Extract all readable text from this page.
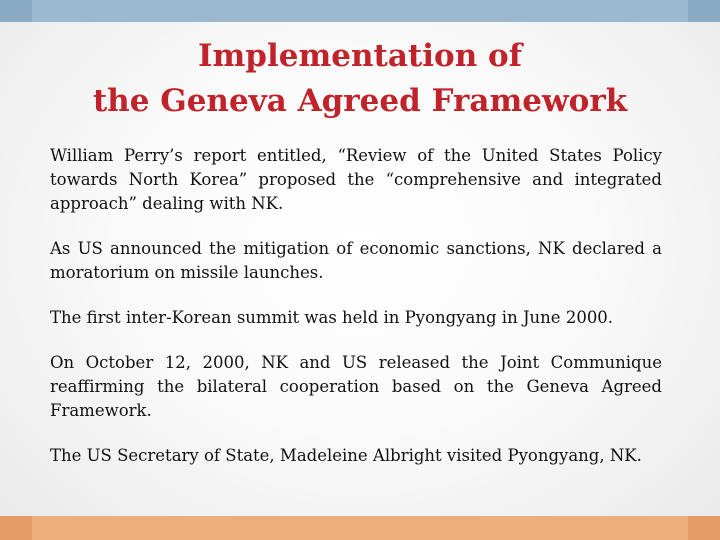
Implementation of
the Geneva Agreed Framework

William Perry’s report entitled, “Review of the United States Policy towards North Korea” proposed the “comprehensive and integrated approach” dealing with NK.

As US announced the mitigation of economic sanctions, NK declared a moratorium on missile launches.

The first inter-Korean summit was held in Pyongyang in June 2000.

On October 12, 2000, NK and US released the Joint Communique reaffirming the bilateral cooperation based on the Geneva Agreed Framework.

The US Secretary of State, Madeleine Albright visited Pyongyang, NK.
